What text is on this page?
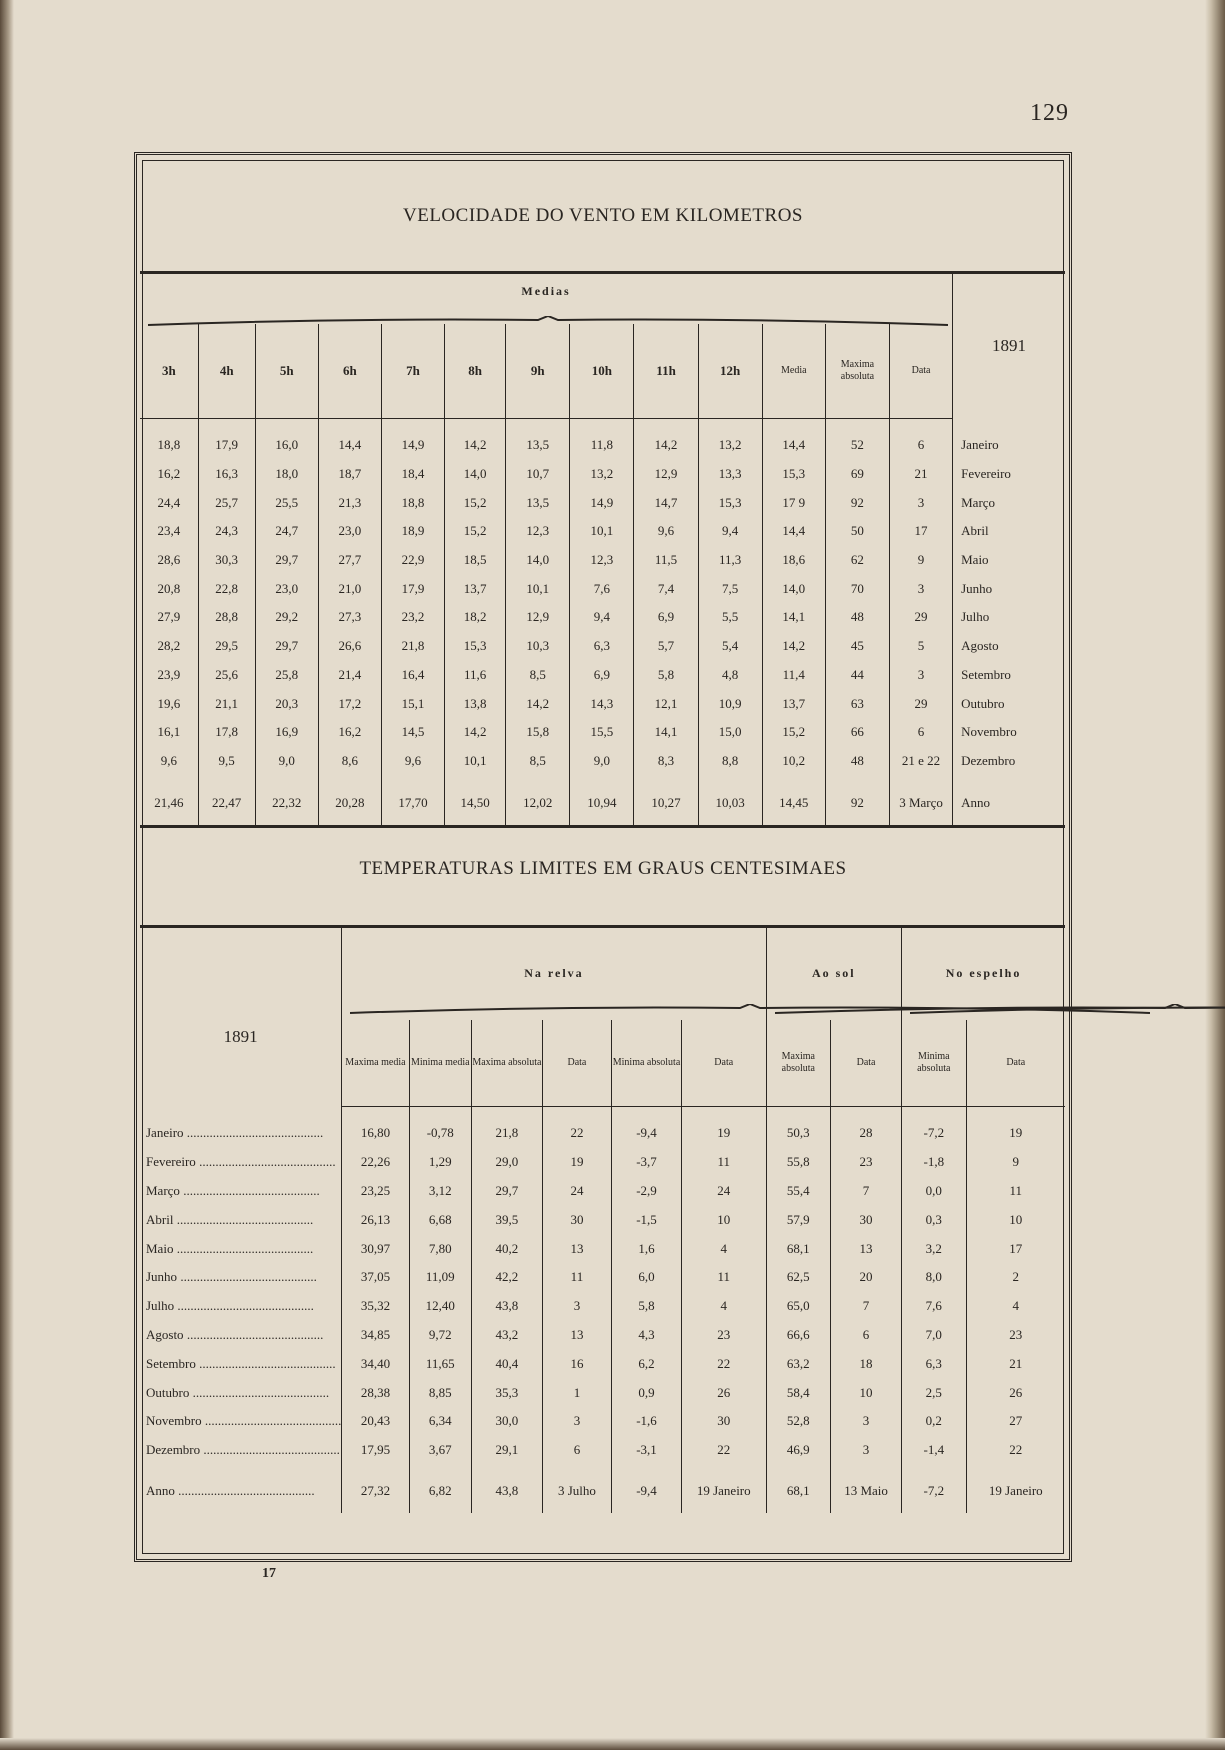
129
VELOCIDADE DO VENTO EM KILOMETROS
Medias													1891
3h	4h	5h	6h	7h	8h	9h	10h	11h	12h	Media	Maxima absoluta	Data	
18,8	17,9	16,0	14,4	14,9	14,2	13,5	11,8	14,2	13,2	14,4	52	6	Janeiro
16,2	16,3	18,0	18,7	18,4	14,0	10,7	13,2	12,9	13,3	15,3	69	21	Fevereiro
24,4	25,7	25,5	21,3	18,8	15,2	13,5	14,9	14,7	15,3	17 9	92	3	Março
23,4	24,3	24,7	23,0	18,9	15,2	12,3	10,1	9,6	9,4	14,4	50	17	Abril
28,6	30,3	29,7	27,7	22,9	18,5	14,0	12,3	11,5	11,3	18,6	62	9	Maio
20,8	22,8	23,0	21,0	17,9	13,7	10,1	7,6	7,4	7,5	14,0	70	3	Junho
27,9	28,8	29,2	27,3	23,2	18,2	12,9	9,4	6,9	5,5	14,1	48	29	Julho
28,2	29,5	29,7	26,6	21,8	15,3	10,3	6,3	5,7	5,4	14,2	45	5	Agosto
23,9	25,6	25,8	21,4	16,4	11,6	8,5	6,9	5,8	4,8	11,4	44	3	Setembro
19,6	21,1	20,3	17,2	15,1	13,8	14,2	14,3	12,1	10,9	13,7	63	29	Outubro
16,1	17,8	16,9	16,2	14,5	14,2	15,8	15,5	14,1	15,0	15,2	66	6	Novembro
9,6	9,5	9,0	8,6	9,6	10,1	8,5	9,0	8,3	8,8	10,2	48	21 e 22	Dezembro
21,46	22,47	22,32	20,28	17,70	14,50	12,02	10,94	10,27	10,03	14,45	92	3 Março	Anno
TEMPERATURAS LIMITES EM GRAUS CENTESIMAES
1891	Na relva						Ao sol		No espelho	

	Maxima media	Minima media	Maxima absoluta	Data	Minima absoluta	Data	Maxima absoluta	Data	Minima absoluta	Data
Janeiro .....	16,80	-0,78	21,8	22	-9,4	19	50,3	28	-7,2	19
Fevereiro .....	22,26	1,29	29,0	19	-3,7	11	55,8	23	-1,8	9
Março .....	23,25	3,12	29,7	24	-2,9	24	55,4	7	0,0	11
Abril .....	26,13	6,68	39,5	30	-1,5	10	57,9	30	0,3	10
Maio .....	30,97	7,80	40,2	13	1,6	4	68,1	13	3,2	17
Junho .....	37,05	11,09	42,2	11	6,0	11	62,5	20	8,0	2
Julho .....	35,32	12,40	43,8	3	5,8	4	65,0	7	7,6	4
Agosto .....	34,85	9,72	43,2	13	4,3	23	66,6	6	7,0	23
Setembro .....	34,40	11,65	40,4	16	6,2	22	63,2	18	6,3	21
Outubro .....	28,38	8,85	35,3	1	0,9	26	58,4	10	2,5	26
Novembro .....	20,43	6,34	30,0	3	-1,6	30	52,8	3	0,2	27
Dezembro .....	17,95	3,67	29,1	6	-3,1	22	46,9	3	-1,4	22
Anno .....	27,32	6,82	43,8	3 Julho	-9,4	19 Janeiro	68,1	13 Maio	-7,2	19 Janeiro
17
